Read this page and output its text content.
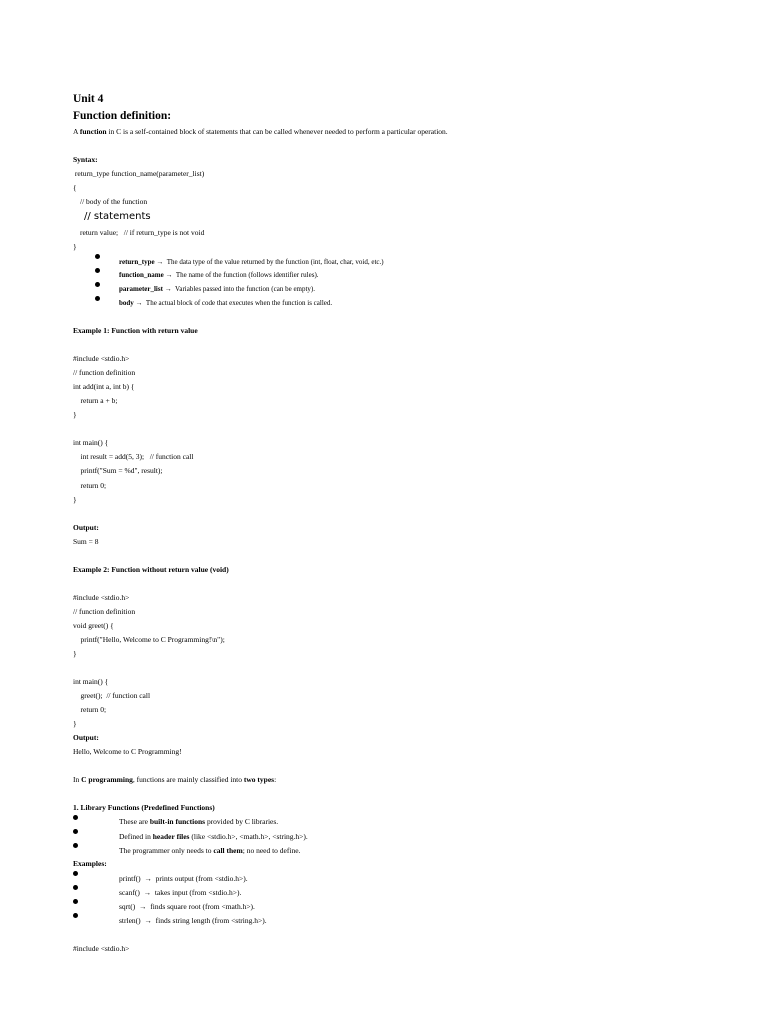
Unit 4
Function definition:
A function in C is a self-contained block of statements that can be called whenever needed to perform a particular operation.
Syntax:
return_type function_name(parameter_list)
{
// body of the function
// statements
return value;   // if return_type is not void
}
return_type →  The data type of the value returned by the function (int, float, char, void, etc.)
function_name →  The name of the function (follows identifier rules).
parameter_list →  Variables passed into the function (can be empty).
body →  The actual block of code that executes when the function is called.
Example 1: Function with return value
#include <stdio.h>
// function definition
int add(int a, int b) {
return a + b;
}
int main() {
int result = add(5, 3);   // function call
printf("Sum = %d", result);
return 0;
}
Output:
Sum = 8
Example 2: Function without return value (void)
#include <stdio.h>
// function definition
void greet() {
printf("Hello, Welcome to C Programming!\n");
}
int main() {
greet();  // function call
return 0;
}
Output:
Hello, Welcome to C Programming!
In C programming, functions are mainly classified into two types:
1. Library Functions (Predefined Functions)
These are built-in functions provided by C libraries.
Defined in header files (like <stdio.h>, <math.h>, <string.h>).
The programmer only needs to call them; no need to define.
Examples:
printf()  →  prints output (from <stdio.h>).
scanf()  →  takes input (from <stdio.h>).
sqrt()  →  finds square root (from <math.h>).
strlen()  →  finds string length (from <string.h>).
#include <stdio.h>
